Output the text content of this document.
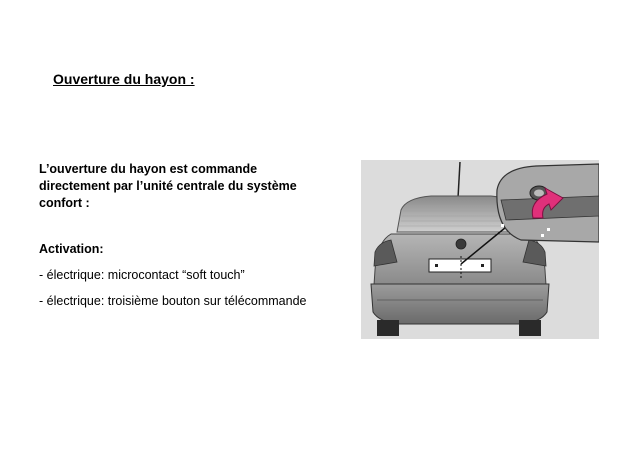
Ouverture du hayon :
L’ouverture du hayon est commande directement par l’unité centrale du système confort :
Activation:
- électrique: microcontact “soft touch”
- électrique: troisième bouton sur télécommande
